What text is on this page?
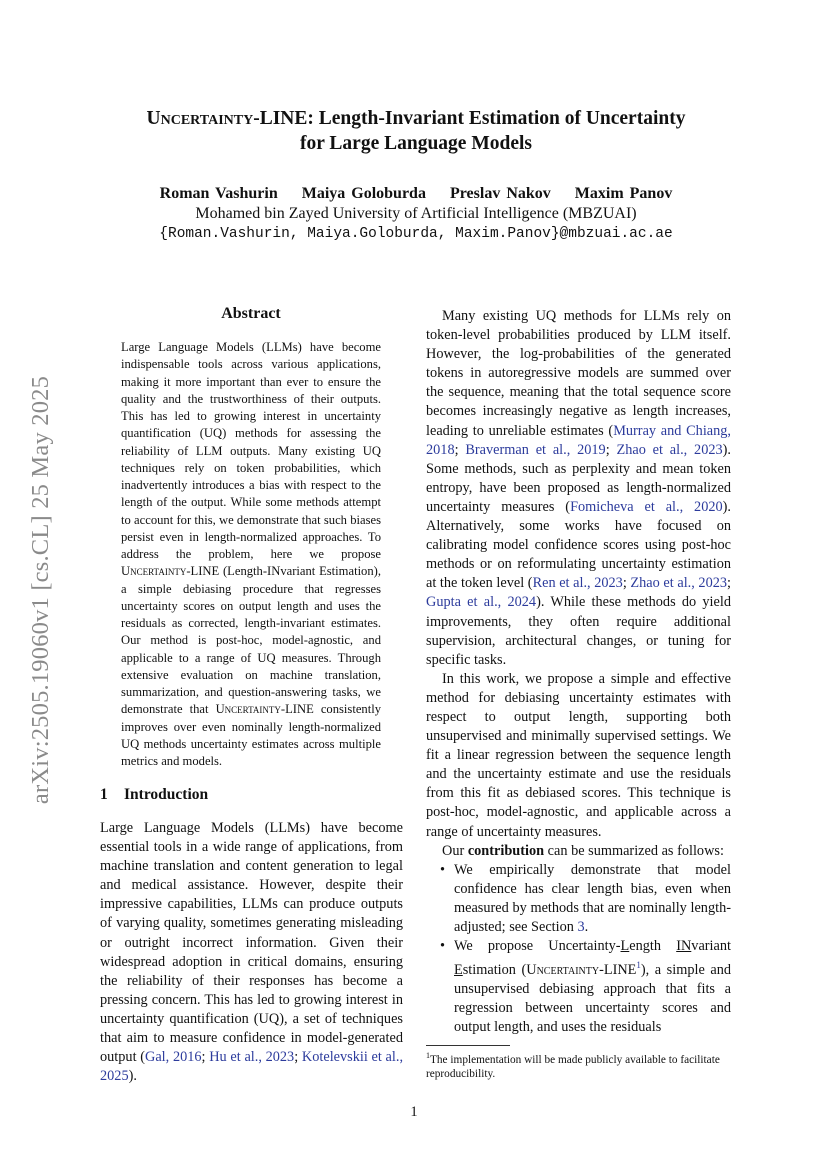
arXiv:2505.19060v1 [cs.CL] 25 May 2025
Uncertainty-LINE: Length-Invariant Estimation of Uncertainty
for Large Language Models
Roman Vashurin    Maiya Goloburda    Preslav Nakov    Maxim Panov
Mohamed bin Zayed University of Artificial Intelligence (MBZUAI)
{Roman.Vashurin, Maiya.Goloburda, Maxim.Panov}@mbzuai.ac.ae
Abstract
Large Language Models (LLMs) have become indispensable tools across various applications, making it more important than ever to ensure the quality and the trustworthiness of their outputs. This has led to growing interest in uncertainty quantification (UQ) methods for assessing the reliability of LLM outputs. Many existing UQ techniques rely on token probabilities, which inadvertently introduces a bias with respect to the length of the output. While some methods attempt to account for this, we demonstrate that such biases persist even in length-normalized approaches. To address the problem, here we propose Uncertainty-LINE (Length-INvariant Estimation), a simple debiasing procedure that regresses uncertainty scores on output length and uses the residuals as corrected, length-invariant estimates. Our method is post-hoc, model-agnostic, and applicable to a range of UQ measures. Through extensive evaluation on machine translation, summarization, and question-answering tasks, we demonstrate that Uncertainty-LINE consistently improves over even nominally length-normalized UQ methods uncertainty estimates across multiple metrics and models.
1 Introduction
Large Language Models (LLMs) have become essential tools in a wide range of applications, from machine translation and content generation to legal and medical assistance. However, despite their impressive capabilities, LLMs can produce outputs of varying quality, sometimes generating misleading or outright incorrect information. Given their widespread adoption in critical domains, ensuring the reliability of their responses has become a pressing concern. This has led to growing interest in uncertainty quantification (UQ), a set of techniques that aim to measure confidence in model-generated output (Gal, 2016; Hu et al., 2023; Kotelevskii et al., 2025).

Many existing UQ methods for LLMs rely on token-level probabilities produced by LLM itself. However, the log-probabilities of the generated tokens in autoregressive models are summed over the sequence, meaning that the total sequence score becomes increasingly negative as length increases, leading to unreliable estimates (Murray and Chiang, 2018; Braverman et al., 2019; Zhao et al., 2023). Some methods, such as perplexity and mean token entropy, have been proposed as length-normalized uncertainty measures (Fomicheva et al., 2020). Alternatively, some works have focused on calibrating model confidence scores using post-hoc methods or on reformulating uncertainty estimation at the token level (Ren et al., 2023; Zhao et al., 2023; Gupta et al., 2024). While these methods do yield improvements, they often require additional supervision, architectural changes, or tuning for specific tasks.

In this work, we propose a simple and effective method for debiasing uncertainty estimates with respect to output length, supporting both unsupervised and minimally supervised settings. We fit a linear regression between the sequence length and the uncertainty estimate and use the residuals from this fit as debiased scores. This technique is post-hoc, model-agnostic, and applicable across a range of uncertainty measures.

Our contribution can be summarized as follows:

• We empirically demonstrate that model confidence has clear length bias, even when measured by methods that are nominally length-adjusted; see Section 3.
• We propose Uncertainty-Length INvariant Estimation (Uncertainty-LINE$^1$), a simple and unsupervised debiasing approach that fits a regression between uncertainty scores and output length, and uses the residuals
$^1$The implementation will be made publicly available to facilitate reproducibility.
1
